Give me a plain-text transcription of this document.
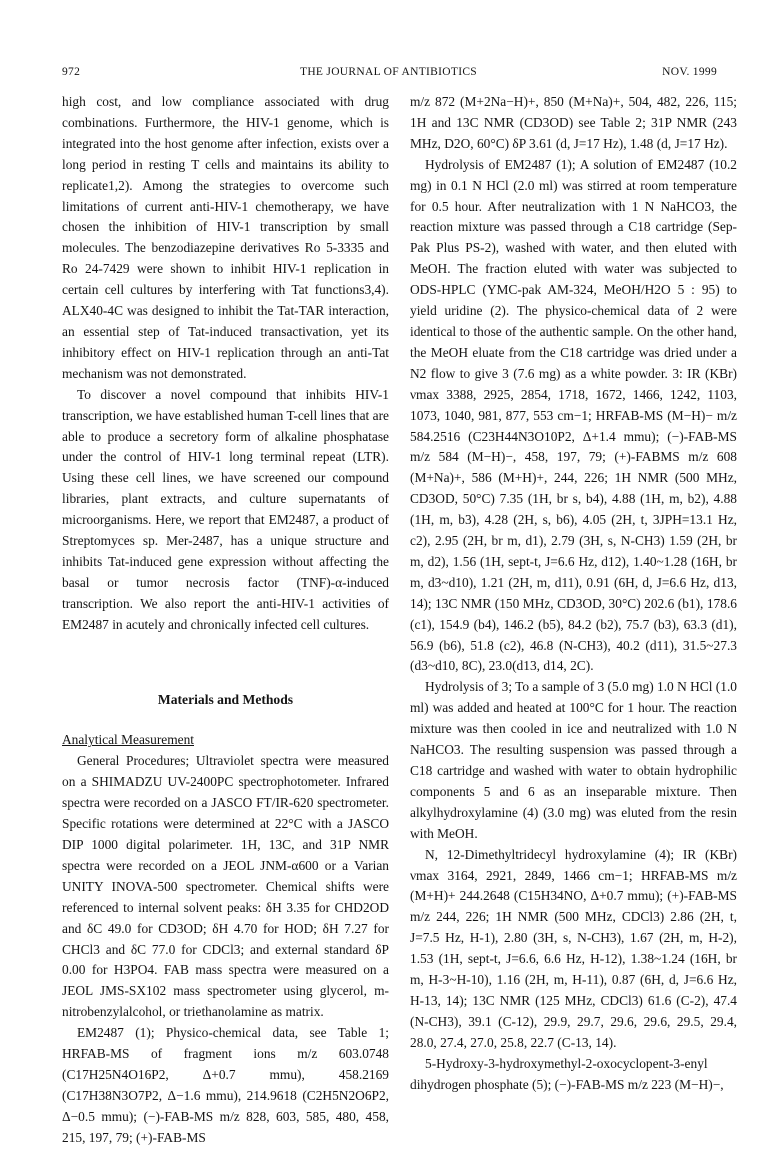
972	THE JOURNAL OF ANTIBIOTICS	NOV. 1999

high cost, and low compliance associated with drug combinations. Furthermore, the HIV-1 genome, which is integrated into the host genome after infection, exists over a long period in resting T cells and maintains its ability to replicate1,2). Among the strategies to overcome such limitations of current anti-HIV-1 chemotherapy, we have chosen the inhibition of HIV-1 transcription by small molecules. The benzodiazepine derivatives Ro 5-3335 and Ro 24-7429 were shown to inhibit HIV-1 replication in certain cell cultures by interfering with Tat functions3,4). ALX40-4C was designed to inhibit the Tat-TAR interaction, an essential step of Tat-induced transactivation, yet its inhibitory effect on HIV-1 replication through an anti-Tat mechanism was not demonstrated.

To discover a novel compound that inhibits HIV-1 transcription, we have established human T-cell lines that are able to produce a secretory form of alkaline phosphatase under the control of HIV-1 long terminal repeat (LTR). Using these cell lines, we have screened our compound libraries, plant extracts, and culture supernatants of microorganisms. Here, we report that EM2487, a product of Streptomyces sp. Mer-2487, has a unique structure and inhibits Tat-induced gene expression without affecting the basal or tumor necrosis factor (TNF)-α-induced transcription. We also report the anti-HIV-1 activities of EM2487 in acutely and chronically infected cell cultures.

Materials and Methods

Analytical Measurement

General Procedures; Ultraviolet spectra were measured on a SHIMADZU UV-2400PC spectrophotometer. Infrared spectra were recorded on a JASCO FT/IR-620 spectrometer. Specific rotations were determined at 22°C with a JASCO DIP 1000 digital polarimeter. 1H, 13C, and 31P NMR spectra were recorded on a JEOL JNM-α600 or a Varian UNITY INOVA-500 spectrometer. Chemical shifts were referenced to internal solvent peaks: δH 3.35 for CHD2OD and δC 49.0 for CD3OD; δH 4.70 for HOD; δH 7.27 for CHCl3 and δC 77.0 for CDCl3; and external standard δP 0.00 for H3PO4. FAB mass spectra were measured on a JEOL JMS-SX102 mass spectrometer using glycerol, m-nitrobenzylalcohol, or triethanolamine as matrix.

EM2487 (1); Physico-chemical data, see Table 1; HRFAB-MS of fragment ions m/z 603.0748 (C17H25N4O16P2, Δ+0.7 mmu), 458.2169 (C17H38N3O7P2, Δ−1.6 mmu), 214.9618 (C2H5N2O6P2, Δ−0.5 mmu); (−)-FAB-MS m/z 828, 603, 585, 480, 458, 215, 197, 79; (+)-FAB-MS

m/z 872 (M+2Na−H)+, 850 (M+Na)+, 504, 482, 226, 115; 1H and 13C NMR (CD3OD) see Table 2; 31P NMR (243 MHz, D2O, 60°C) δP 3.61 (d, J=17 Hz), 1.48 (d, J=17 Hz).

Hydrolysis of EM2487 (1); A solution of EM2487 (10.2 mg) in 0.1 N HCl (2.0 ml) was stirred at room temperature for 0.5 hour. After neutralization with 1 N NaHCO3, the reaction mixture was passed through a C18 cartridge (Sep-Pak Plus PS-2), washed with water, and then eluted with MeOH. The fraction eluted with water was subjected to ODS-HPLC (YMC-pak AM-324, MeOH/H2O 5 : 95) to yield uridine (2). The physico-chemical data of 2 were identical to those of the authentic sample. On the other hand, the MeOH eluate from the C18 cartridge was dried under a N2 flow to give 3 (7.6 mg) as a white powder. 3: IR (KBr) νmax 3388, 2925, 2854, 1718, 1672, 1466, 1242, 1103, 1073, 1040, 981, 877, 553 cm−1; HRFAB-MS (M−H)− m/z 584.2516 (C23H44N3O10P2, Δ+1.4 mmu); (−)-FAB-MS m/z 584 (M−H)−, 458, 197, 79; (+)-FABMS m/z 608 (M+Na)+, 586 (M+H)+, 244, 226; 1H NMR (500 MHz, CD3OD, 50°C) 7.35 (1H, br s, b4), 4.88 (1H, m, b2), 4.88 (1H, m, b3), 4.28 (2H, s, b6), 4.05 (2H, t, 3JPH=13.1 Hz, c2), 2.95 (2H, br m, d1), 2.79 (3H, s, N-CH3) 1.59 (2H, br m, d2), 1.56 (1H, sept-t, J=6.6 Hz, d12), 1.40~1.28 (16H, br m, d3~d10), 1.21 (2H, m, d11), 0.91 (6H, d, J=6.6 Hz, d13, 14); 13C NMR (150 MHz, CD3OD, 30°C) 202.6 (b1), 178.6 (c1), 154.9 (b4), 146.2 (b5), 84.2 (b2), 75.7 (b3), 63.3 (d1), 56.9 (b6), 51.8 (c2), 46.8 (N-CH3), 40.2 (d11), 31.5~27.3 (d3~d10, 8C), 23.0(d13, d14, 2C).

Hydrolysis of 3; To a sample of 3 (5.0 mg) 1.0 N HCl (1.0 ml) was added and heated at 100°C for 1 hour. The reaction mixture was then cooled in ice and neutralized with 1.0 N NaHCO3. The resulting suspension was passed through a C18 cartridge and washed with water to obtain hydrophilic components 5 and 6 as an inseparable mixture. Then alkylhydroxylamine (4) (3.0 mg) was eluted from the resin with MeOH.

N, 12-Dimethyltridecyl hydroxylamine (4); IR (KBr) νmax 3164, 2921, 2849, 1466 cm−1; HRFAB-MS m/z (M+H)+ 244.2648 (C15H34NO, Δ+0.7 mmu); (+)-FAB-MS m/z 244, 226; 1H NMR (500 MHz, CDCl3) 2.86 (2H, t, J=7.5 Hz, H-1), 2.80 (3H, s, N-CH3), 1.67 (2H, m, H-2), 1.53 (1H, sept-t, J=6.6, 6.6 Hz, H-12), 1.38~1.24 (16H, br m, H-3~H-10), 1.16 (2H, m, H-11), 0.87 (6H, d, J=6.6 Hz, H-13, 14); 13C NMR (125 MHz, CDCl3) 61.6 (C-2), 47.4 (N-CH3), 39.1 (C-12), 29.9, 29.7, 29.6, 29.6, 29.5, 29.4, 28.0, 27.4, 27.0, 25.8, 22.7 (C-13, 14).

5-Hydroxy-3-hydroxymethyl-2-oxocyclopent-3-enyl dihydrogen phosphate (5); (−)-FAB-MS m/z 223 (M−H)−,
